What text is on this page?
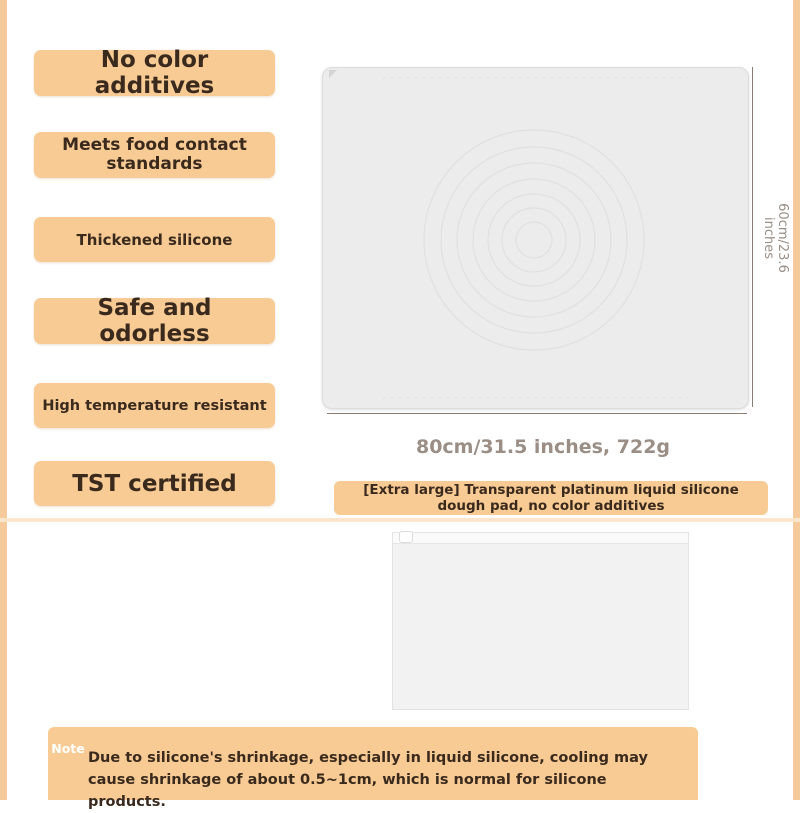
No color additives
Meets food contact standards
Thickened silicone
Safe and odorless
High temperature resistant
TST certified
60cm/23.6 inches
80cm/31.5 inches, 722g
[Extra large] Transparent platinum liquid silicone dough pad, no color additives
Note
Due to silicone's shrinkage, especially in liquid silicone, cooling may cause shrinkage of about 0.5~1cm, which is normal for silicone products.
